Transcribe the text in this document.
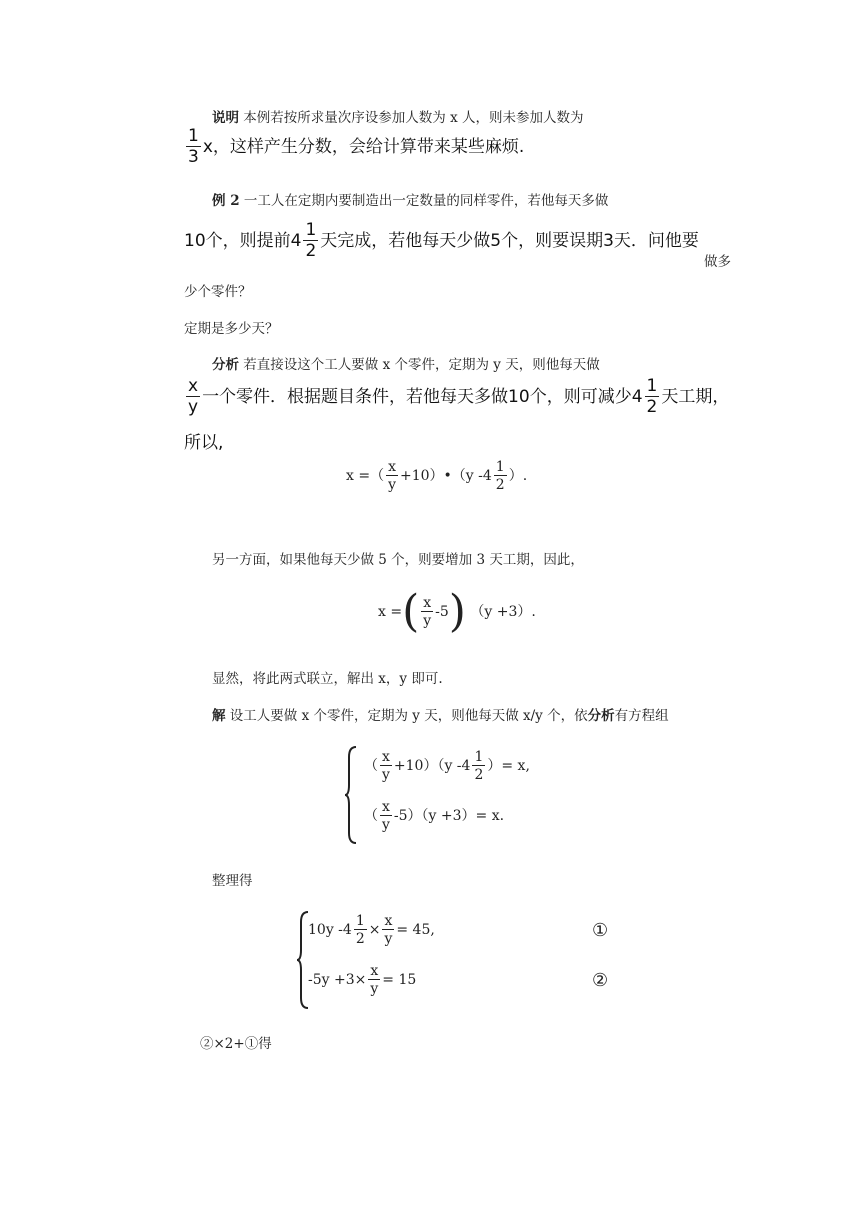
说明 本例若按所求量次序设参加人数为 x 人，则未参加人数为
$\frac{1}{3}$ x，这样产生分数，会给计算带来某些麻烦.
例 2 一工人在定期内要制造出一定数量的同样零件，若他每天多做
10个，则提前$4 \frac{1}{2}$ 天完成，若他每天少做5个，则要误期3天．问他要
做多
少个零件？
定期是多少天？
分析 若直接设这个工人要做 x 个零件，定期为 y 天，则他每天做
$\frac{x}{y}$ 一个零件．根据题目条件，若他每天多做10个，则可减少$4 \frac{1}{2}$ 天工期，
所以,
x =（ $\frac{x}{y}$ +10）•（y $-4 \frac{1}{2}$ ）.
另一方面，如果他每天少做 5 个，则要增加 3 天工期，因此，
x =( $\frac{x}{y} -5$) （y +3）.
显然，将此两式联立，解出 x，y 即可.
解 设工人要做 x 个零件，定期为 y 天，则他每天做 x/y 个，依分析有方程组
（ $\frac{x}{y} +10)(y$ $-4 \frac{1}{2}$ ）= x,
（ $\frac{x}{y} -5)(y +3)= x$.
整理得
10y $-4 \frac{1}{2} \times \frac{x}{y} = 45$,	①
$-5y +3\times \frac{x}{y} = 15$	②
②×2+①得
